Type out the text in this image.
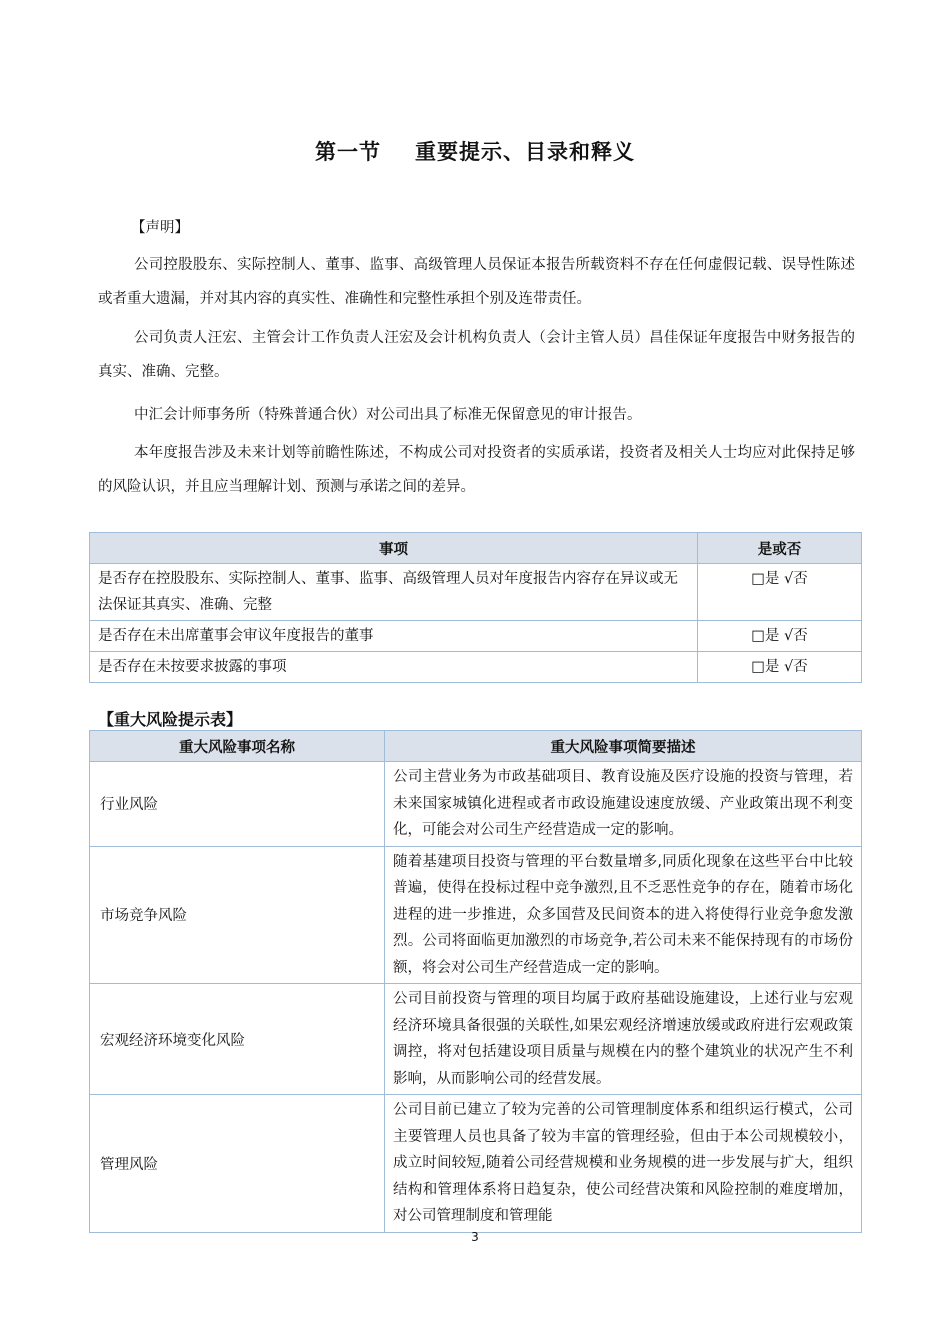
第一节 重要提示、目录和释义
【声明】

公司控股股东、实际控制人、董事、监事、高级管理人员保证本报告所载资料不存在任何虚假记载、误导性陈述或者重大遗漏，并对其内容的真实性、准确性和完整性承担个别及连带责任。

公司负责人汪宏、主管会计工作负责人汪宏及会计机构负责人（会计主管人员）昌佳保证年度报告中财务报告的真实、准确、完整。

中汇会计师事务所（特殊普通合伙）对公司出具了标准无保留意见的审计报告。

本年度报告涉及未来计划等前瞻性陈述，不构成公司对投资者的实质承诺，投资者及相关人士均应对此保持足够的风险认识，并且应当理解计划、预测与承诺之间的差异。

事项	是或否
是否存在控股股东、实际控制人、董事、监事、高级管理人员对年度报告内容存在异议或无法保证其真实、准确、完整	□是 √否
是否存在未出席董事会审议年度报告的董事	□是 √否
是否存在未按要求披露的事项	□是 √否
【重大风险提示表】
重大风险事项名称	重大风险事项简要描述
行业风险	公司主营业务为市政基础项目、教育设施及医疗设施的投资与管理，若未来国家城镇化进程或者市政设施建设速度放缓、产业政策出现不利变化，可能会对公司生产经营造成一定的影响。
市场竞争风险	随着基建项目投资与管理的平台数量增多,同质化现象在这些平台中比较普遍，使得在投标过程中竞争激烈,且不乏恶性竞争的存在，随着市场化进程的进一步推进，众多国营及民间资本的进入将使得行业竞争愈发激烈。公司将面临更加激烈的市场竞争,若公司未来不能保持现有的市场份额，将会对公司生产经营造成一定的影响。
宏观经济环境变化风险	公司目前投资与管理的项目均属于政府基础设施建设，上述行业与宏观经济环境具备很强的关联性,如果宏观经济增速放缓或政府进行宏观政策调控，将对包括建设项目质量与规模在内的整个建筑业的状况产生不利影响，从而影响公司的经营发展。
管理风险	公司目前已建立了较为完善的公司管理制度体系和组织运行模式，公司主要管理人员也具备了较为丰富的管理经验，但由于本公司规模较小，成立时间较短,随着公司经营规模和业务规模的进一步发展与扩大，组织结构和管理体系将日趋复杂，使公司经营决策和风险控制的难度增加，对公司管理制度和管理能
3
